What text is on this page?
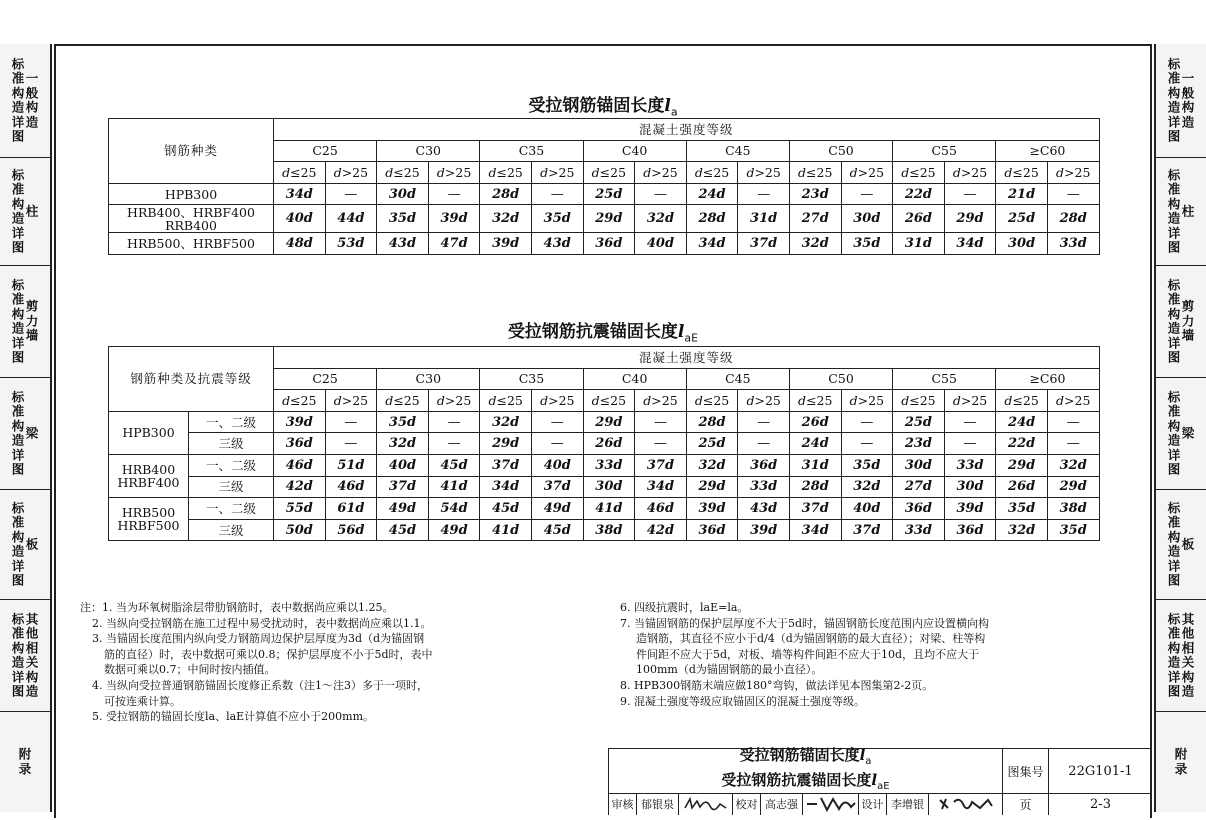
标准构造详图一般构造
标准构造详图柱
标准构造详图剪力墙
标准构造详图梁
标准构造详图板
标准构造详图其他相关构造
附录
标准构造详图一般构造
标准构造详图柱
标准构造详图剪力墙
标准构造详图梁
标准构造详图板
标准构造详图其他相关构造
附录
受拉钢筋锚固长度$l_a$
钢筋种类	混凝土强度等级															
	C25		C30		C35		C40		C45		C50		C55		≥C60	
	d≤25	d>25	d≤25	d>25	d≤25	d>25	d≤25	d>25	d≤25	d>25	d≤25	d>25	d≤25	d>25	d≤25	d>25
HPB300	34d	—	30d	—	28d	—	25d	—	24d	—	23d	—	22d	—	21d	—
HRB400、HRBF400 RRB400	40d	44d	35d	39d	32d	35d	29d	32d	28d	31d	27d	30d	26d	29d	25d	28d
HRB500、HRBF500	48d	53d	43d	47d	39d	43d	36d	40d	34d	37d	32d	35d	31d	34d	30d	33d
受拉钢筋抗震锚固长度$l_{aE}$
钢筋种类及抗震等级		混凝土强度等级															
		C25		C30		C35		C40		C45		C50		C55		≥C60	
		d≤25	d>25	d≤25	d>25	d≤25	d>25	d≤25	d>25	d≤25	d>25	d≤25	d>25	d≤25	d>25	d≤25	d>25
HPB300	一、二级	39d	—	35d	—	32d	—	29d	—	28d	—	26d	—	25d	—	24d	—
	三级	36d	—	32d	—	29d	—	26d	—	25d	—	24d	—	23d	—	22d	—
HRB400 HRBF400	一、二级	46d	51d	40d	45d	37d	40d	33d	37d	32d	36d	31d	35d	30d	33d	29d	32d
	三级	42d	46d	37d	41d	34d	37d	30d	34d	29d	33d	28d	32d	27d	30d	26d	29d
HRB500 HRBF500	一、二级	55d	61d	49d	54d	45d	49d	41d	46d	39d	43d	37d	40d	36d	39d	35d	38d
	三级	50d	56d	45d	49d	41d	45d	38d	42d	36d	39d	34d	37d	33d	36d	32d	35d

注：1. 当为环氧树脂涂层带肋钢筋时，表中数据尚应乘以1.25。

2. 当纵向受拉钢筋在施工过程中易受扰动时，表中数据尚应乘以1.1。

3. 当锚固长度范围内纵向受力钢筋周边保护层厚度为3d（d为锚固钢

筋的直径）时，表中数据可乘以0.8；保护层厚度不小于5d时，表中

数据可乘以0.7；中间时按内插值。

4. 当纵向受拉普通钢筋锚固长度修正系数（注1～注3）多于一项时，

可按连乘计算。

5. 受拉钢筋的锚固长度la、laE计算值不应小于200mm。

6. 四级抗震时，laE=la。

7. 当锚固钢筋的保护层厚度不大于5d时，锚固钢筋长度范围内应设置横向构

造钢筋，其直径不应小于d/4（d为锚固钢筋的最大直径）；对梁、柱等构

件间距不应大于5d，对板、墙等构件间距不应大于10d，且均不应大于

100mm（d为锚固钢筋的最小直径）。

8. HPB300钢筋末端应做180°弯钩，做法详见本图集第2-2页。

9. 混凝土强度等级应取锚固区的混凝土强度等级。

受拉钢筋锚固长度$l_a$
受拉钢筋抗震锚固长度$l_{aE}$
图集号	22G101-1
审核 郁银泉	校对 高志强	设计 李增银	页	2-3
